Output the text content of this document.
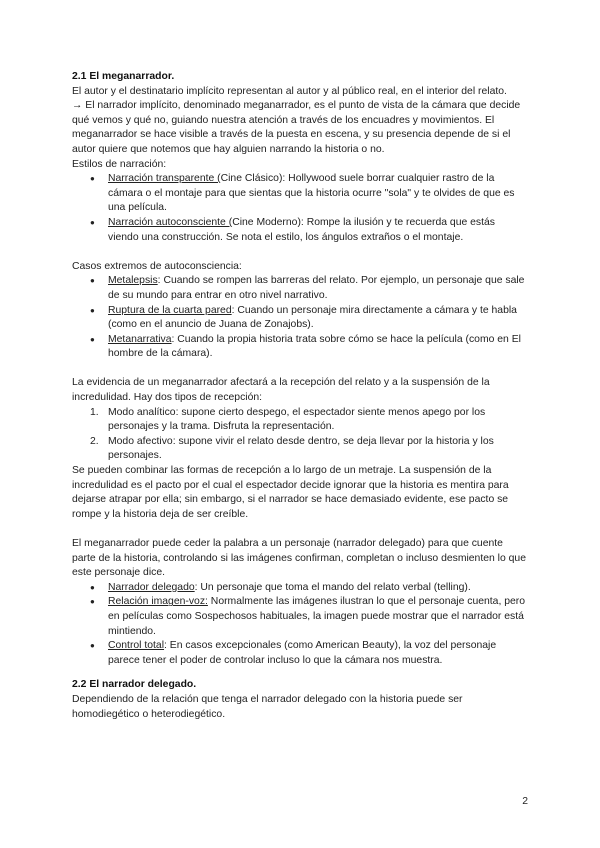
2.1 El meganarrador.

El autor y el destinatario implícito representan al autor y al público real, en el interior del relato.

→ El narrador implícito, denominado meganarrador, es el punto de vista de la cámara que decide qué vemos y qué no, guiando nuestra atención a través de los encuadres y movimientos. El meganarrador se hace visible a través de la puesta en escena, y su presencia depende de si el autor quiere que notemos que hay alguien narrando la historia o no.

Estilos de narración:

● Narración transparente (Cine Clásico): Hollywood suele borrar cualquier rastro de la cámara o el montaje para que sientas que la historia ocurre "sola" y te olvides de que es una película.
● Narración autoconsciente (Cine Moderno): Rompe la ilusión y te recuerda que estás viendo una construcción. Se nota el estilo, los ángulos extraños o el montaje.

Casos extremos de autoconsciencia:

● Metalepsis: Cuando se rompen las barreras del relato. Por ejemplo, un personaje que sale de su mundo para entrar en otro nivel narrativo.
● Ruptura de la cuarta pared: Cuando un personaje mira directamente a cámara y te habla (como en el anuncio de Juana de Zonajobs).
● Metanarrativa: Cuando la propia historia trata sobre cómo se hace la película (como en El hombre de la cámara).

La evidencia de un meganarrador afectará a la recepción del relato y a la suspensión de la incredulidad. Hay dos tipos de recepción:

1. Modo analítico: supone cierto despego, el espectador siente menos apego por los personajes y la trama. Disfruta la representación.
2. Modo afectivo: supone vivir el relato desde dentro, se deja llevar por la historia y los personajes.

Se pueden combinar las formas de recepción a lo largo de un metraje. La suspensión de la incredulidad es el pacto por el cual el espectador decide ignorar que la historia es mentira para dejarse atrapar por ella; sin embargo, si el narrador se hace demasiado evidente, ese pacto se rompe y la historia deja de ser creíble.

El meganarrador puede ceder la palabra a un personaje (narrador delegado) para que cuente parte de la historia, controlando si las imágenes confirman, completan o incluso desmienten lo que este personaje dice.

● Narrador delegado: Un personaje que toma el mando del relato verbal (telling).
● Relación imagen-voz: Normalmente las imágenes ilustran lo que el personaje cuenta, pero en películas como Sospechosos habituales, la imagen puede mostrar que el narrador está mintiendo.
● Control total: En casos excepcionales (como American Beauty), la voz del personaje parece tener el poder de controlar incluso lo que la cámara nos muestra.
2.2 El narrador delegado.

Dependiendo de la relación que tenga el narrador delegado con la historia puede ser homodiegético o heterodiegético.

2
